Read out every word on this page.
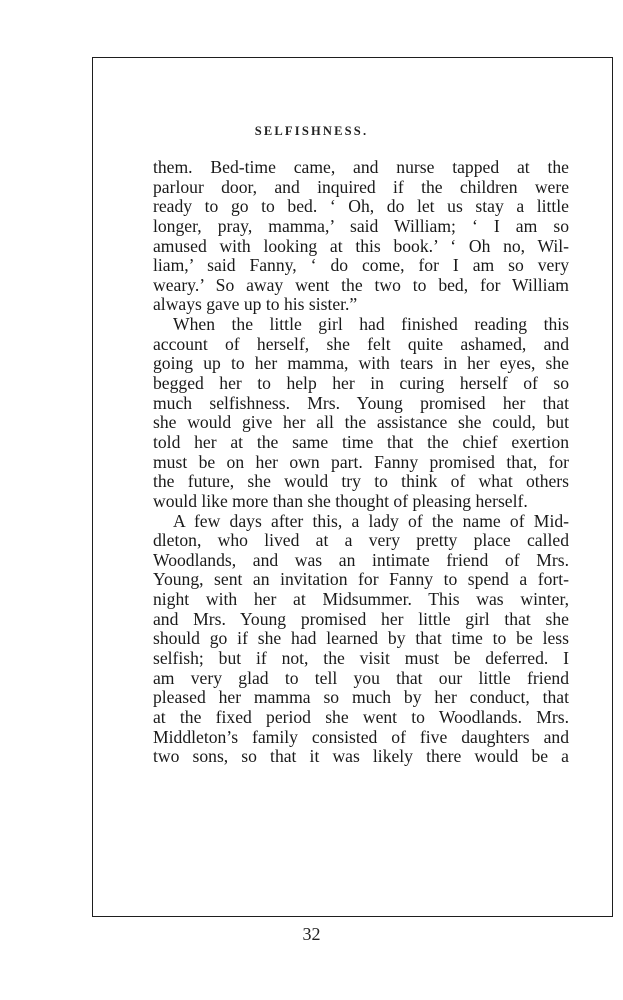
SELFISHNESS.
them. Bed-time came, and nurse tapped at the
parlour door, and inquired if the children were
ready to go to bed. ‘ Oh, do let us stay a little
longer, pray, mamma,’ said William; ‘ I am so
amused with looking at this book.’ ‘ Oh no, Wil-
liam,’ said Fanny, ‘ do come, for I am so very
weary.’ So away went the two to bed, for William
always gave up to his sister.”
When the little girl had finished reading this
account of herself, she felt quite ashamed, and
going up to her mamma, with tears in her eyes, she
begged her to help her in curing herself of so
much selfishness. Mrs. Young promised her that
she would give her all the assistance she could, but
told her at the same time that the chief exertion
must be on her own part. Fanny promised that, for
the future, she would try to think of what others
would like more than she thought of pleasing herself.
A few days after this, a lady of the name of Mid-
dleton, who lived at a very pretty place called
Woodlands, and was an intimate friend of Mrs.
Young, sent an invitation for Fanny to spend a fort-
night with her at Midsummer. This was winter,
and Mrs. Young promised her little girl that she
should go if she had learned by that time to be less
selfish; but if not, the visit must be deferred. I
am very glad to tell you that our little friend
pleased her mamma so much by her conduct, that
at the fixed period she went to Woodlands. Mrs.
Middleton’s family consisted of five daughters and
two sons, so that it was likely there would be a
32
